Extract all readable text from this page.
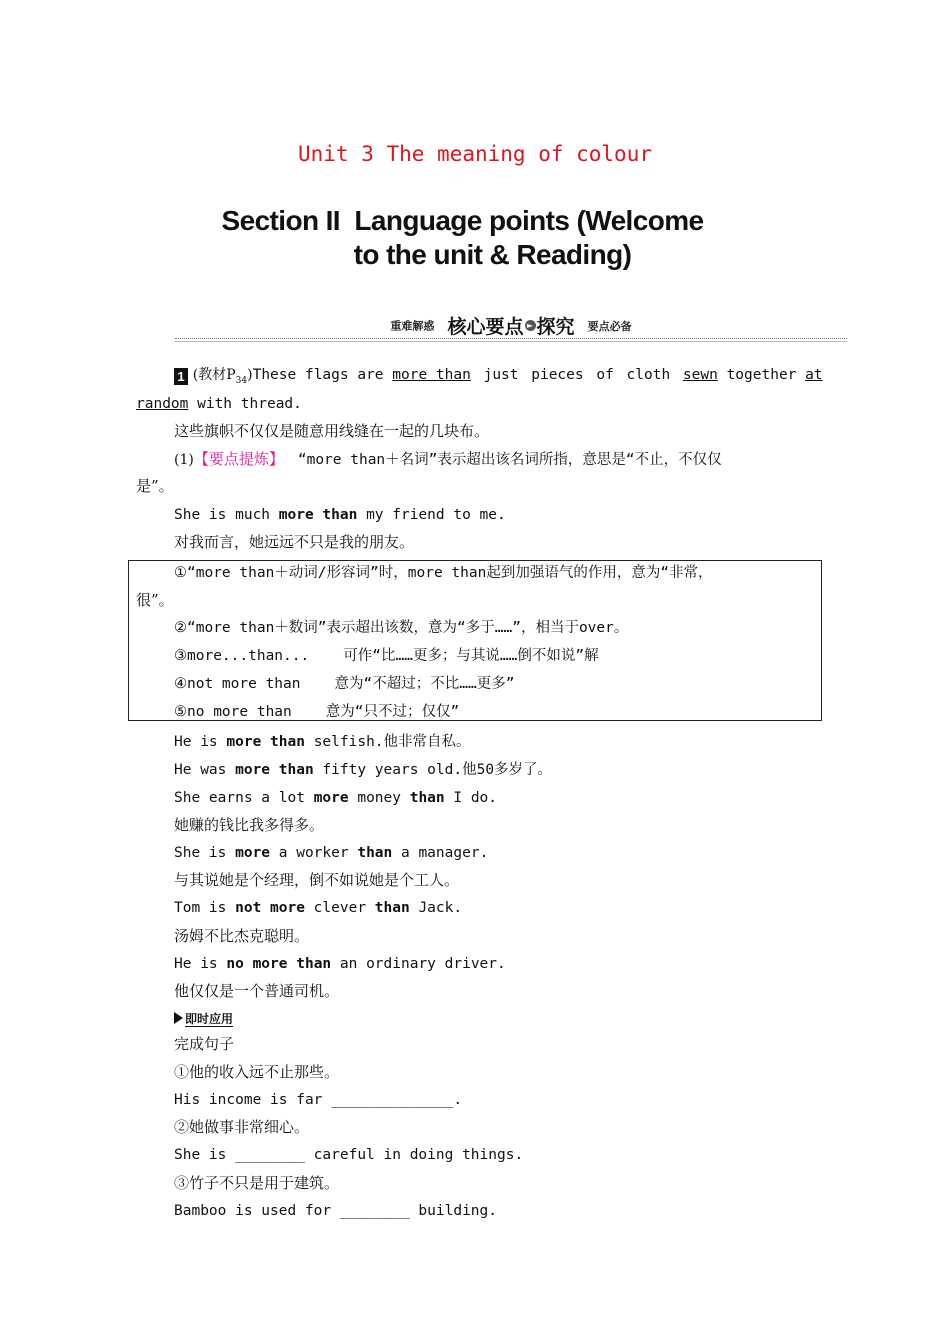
Unit 3 The meaning of colour
Section II  Language points (Welcome
to the unit & Reading)
重难解惑 核心要点 ► 探究 要点必备
1 (教材$P_{34})These$ flags are more than just pieces of cloth sewn together at
random with thread.
这些旗帜不仅仅是随意用线缝在一起的几块布。
(1)【要点提炼】 “more than＋名词”表示超出该名词所指，意思是“不止，不仅仅
是”。
She is much more than my friend to me.
对我而言，她远远不只是我的朋友。
①“more than＋动词/形容词”时，more than起到加强语气的作用，意为“非常，
很”。
②“more than＋数词”表示超出该数，意为“多于……”，相当于over。
③more...than... 可作“比……更多；与其说……倒不如说”解
④not more than 意为“不超过；不比……更多”
⑤no more than 意为“只不过；仅仅”
He is more than selfish.他非常自私。
He was more than fifty years old.他50多岁了。
She earns a lot more money than I do.
她赚的钱比我多得多。
She is more a worker than a manager.
与其说她是个经理，倒不如说她是个工人。
Tom is not more clever than Jack.
汤姆不比杰克聪明。
He is no more than an ordinary driver.
他仅仅是一个普通司机。
即时应用
完成句子
①他的收入远不止那些。
His income is far ______________.
②她做事非常细心。
She is ________ careful in doing things.
③竹子不只是用于建筑。
Bamboo is used for ________ building.
